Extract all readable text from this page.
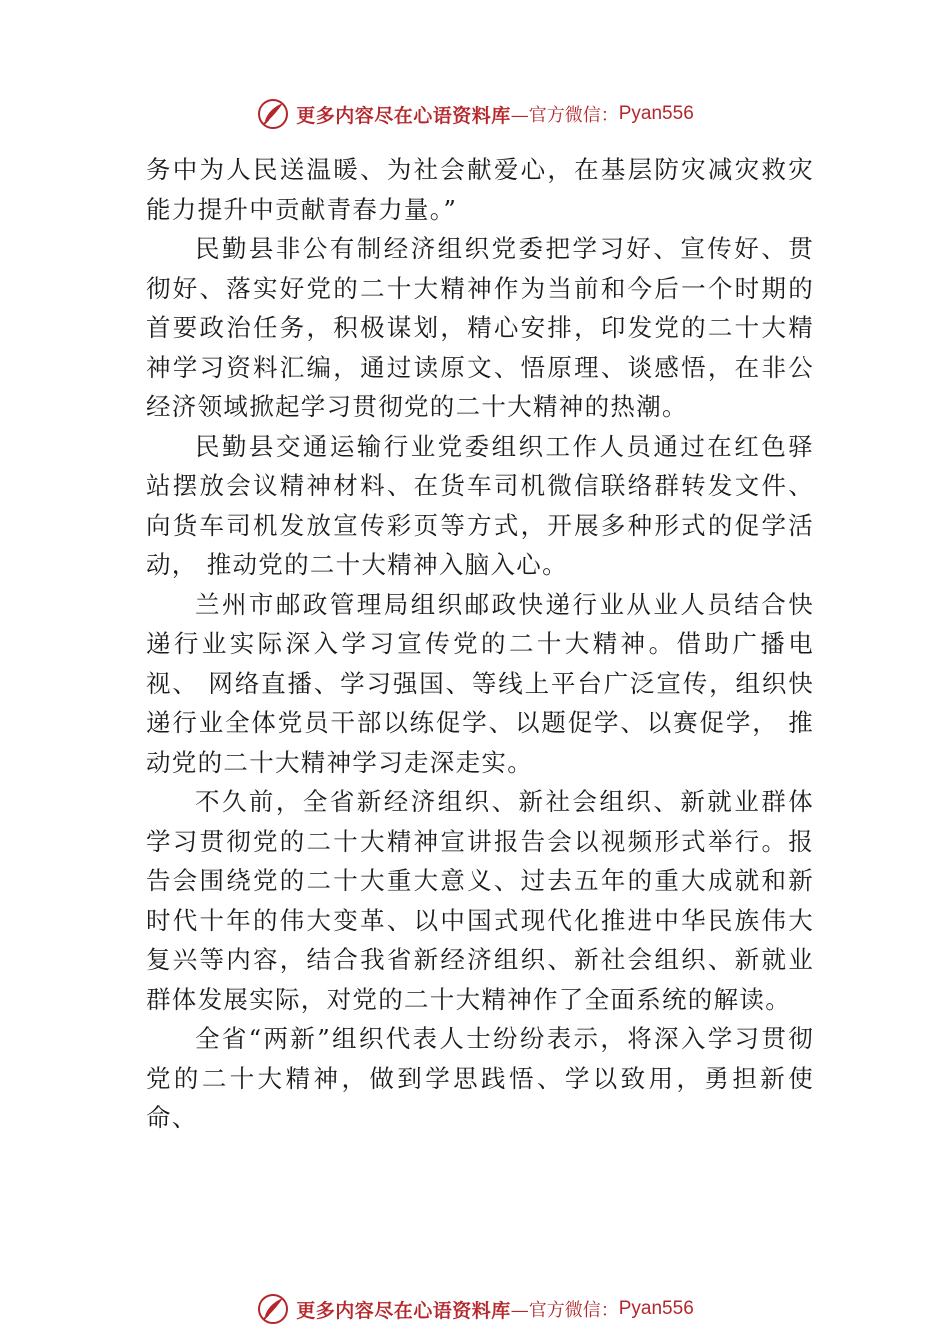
更多内容尽在心语资料库 —官方微信： Pyan556

务中为人民送温暖、为社会献爱心，在基层防灾减灾救灾能力提升中贡献青春力量。”

民勤县非公有制经济组织党委把学习好、宣传好、贯彻好、落实好党的二十大精神作为当前和今后一个时期的首要政治任务，积极谋划，精心安排，印发党的二十大精神学习资料汇编，通过读原文、悟原理、谈感悟，在非公经济领域掀起学习贯彻党的二十大精神的热潮。

民勤县交通运输行业党委组织工作人员通过在红色驿站摆放会议精神材料、在货车司机微信联络群转发文件、向货车司机发放宣传彩页等方式，开展多种形式的促学活动， 推动党的二十大精神入脑入心。

兰州市邮政管理局组织邮政快递行业从业人员结合快递行业实际深入学习宣传党的二十大精神。借助广播电视、 网络直播、学习强国、等线上平台广泛宣传，组织快递行业全体党员干部以练促学、以题促学、以赛促学， 推动党的二十大精神学习走深走实。

不久前，全省新经济组织、新社会组织、新就业群体学习贯彻党的二十大精神宣讲报告会以视频形式举行。报告会围绕党的二十大重大意义、过去五年的重大成就和新时代十年的伟大变革、以中国式现代化推进中华民族伟大复兴等内容，结合我省新经济组织、新社会组织、新就业群体发展实际，对党的二十大精神作了全面系统的解读。

全省“两新”组织代表人士纷纷表示，将深入学习贯彻党的二十大精神，做到学思践悟、学以致用，勇担新使命、

更多内容尽在心语资料库 —官方微信： Pyan556
